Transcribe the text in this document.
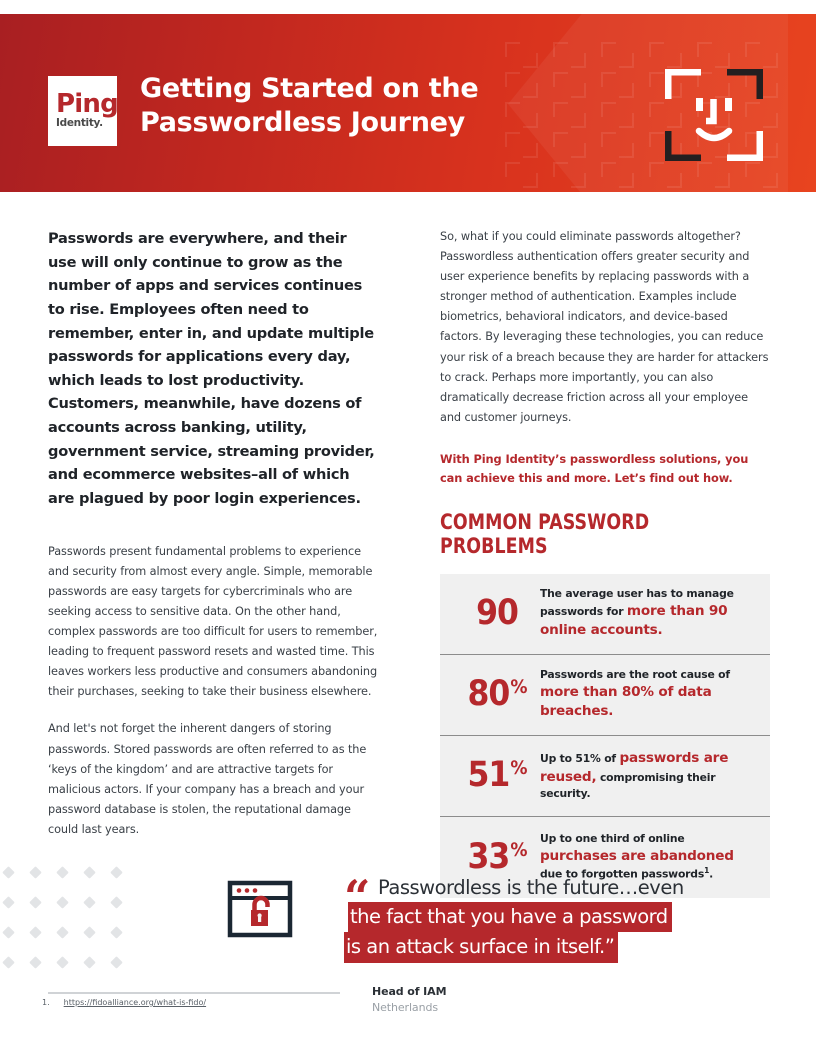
Ping
Identity.
Getting Started on the
Passwordless Journey

Passwords are everywhere, and their use will only continue to grow as the number of apps and services continues to rise. Employees often need to remember, enter in, and update multiple passwords for applications every day, which leads to lost productivity. Customers, meanwhile, have dozens of accounts across banking, utility, government service, streaming provider, and ecommerce websites–all of which are plagued by poor login experiences.

Passwords present fundamental problems to experience and security from almost every angle. Simple, memorable passwords are easy targets for cybercriminals who are seeking access to sensitive data. On the other hand, complex passwords are too difficult for users to remember, leading to frequent password resets and wasted time. This leaves workers less productive and consumers abandoning their purchases, seeking to take their business elsewhere.

And let's not forget the inherent dangers of storing passwords. Stored passwords are often referred to as the ‘keys of the kingdom’ and are attractive targets for malicious actors. If your company has a breach and your password database is stolen, the reputational damage could last years.

So, what if you could eliminate passwords altogether? Passwordless authentication offers greater security and user experience benefits by replacing passwords with a stronger method of authentication. Examples include biometrics, behavioral indicators, and device-based factors. By leveraging these technologies, you can reduce your risk of a breach because they are harder for attackers to crack. Perhaps more importantly, you can also dramatically decrease friction across all your employee and customer journeys.

With Ping Identity’s passwordless solutions, you can achieve this and more. Let’s find out how.

COMMON PASSWORD PROBLEMS
90 The average user has to manage passwords for more than 90 online accounts.
80 %
Passwords are the root cause of more than 80% of data breaches.
51 % Up to 51% of passwords are reused, compromising their security.
33 %
Up to one third of online purchases are abandoned due to forgotten passwords$^1$.
“ Passwordless is the future…even
the fact that you have a password
is an attack surface in itself.”
Head of IAM
Netherlands
1. https://fidoalliance.org/what-is-fido/
